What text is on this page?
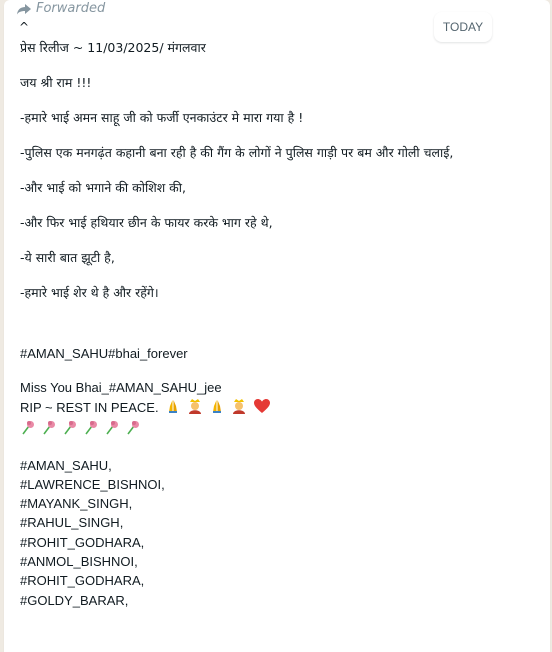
Forwarded
^	TODAY
प्रेस रिलीज ~ 11/03/2025/ मंगलवार
जय श्री राम !!!
-हमारे भाई अमन साहू जी को फर्जी एनकाउंटर मे मारा गया है !
-पुलिस एक मनगढ़ंत कहानी बना रही है की गैंग के लोगों ने पुलिस गाड़ी पर बम और गोली चलाई,
-और भाई को भगाने की कोशिश की,
-और फिर भाई हथियार छीन के फायर करके भाग रहे थे,
-ये सारी बात झूटी है,
-हमारे भाई शेर थे है और रहेंगे।
#AMAN_SAHU#bhai_forever
Miss You Bhai_#AMAN_SAHU_jee
RIP ~ REST IN PEACE.
#AMAN_SAHU,
#LAWRENCE_BISHNOI,
#MAYANK_SINGH,
#RAHUL_SINGH,
#ROHIT_GODHARA,
#ANMOL_BISHNOI,
#ROHIT_GODHARA,
#GOLDY_BARAR,
